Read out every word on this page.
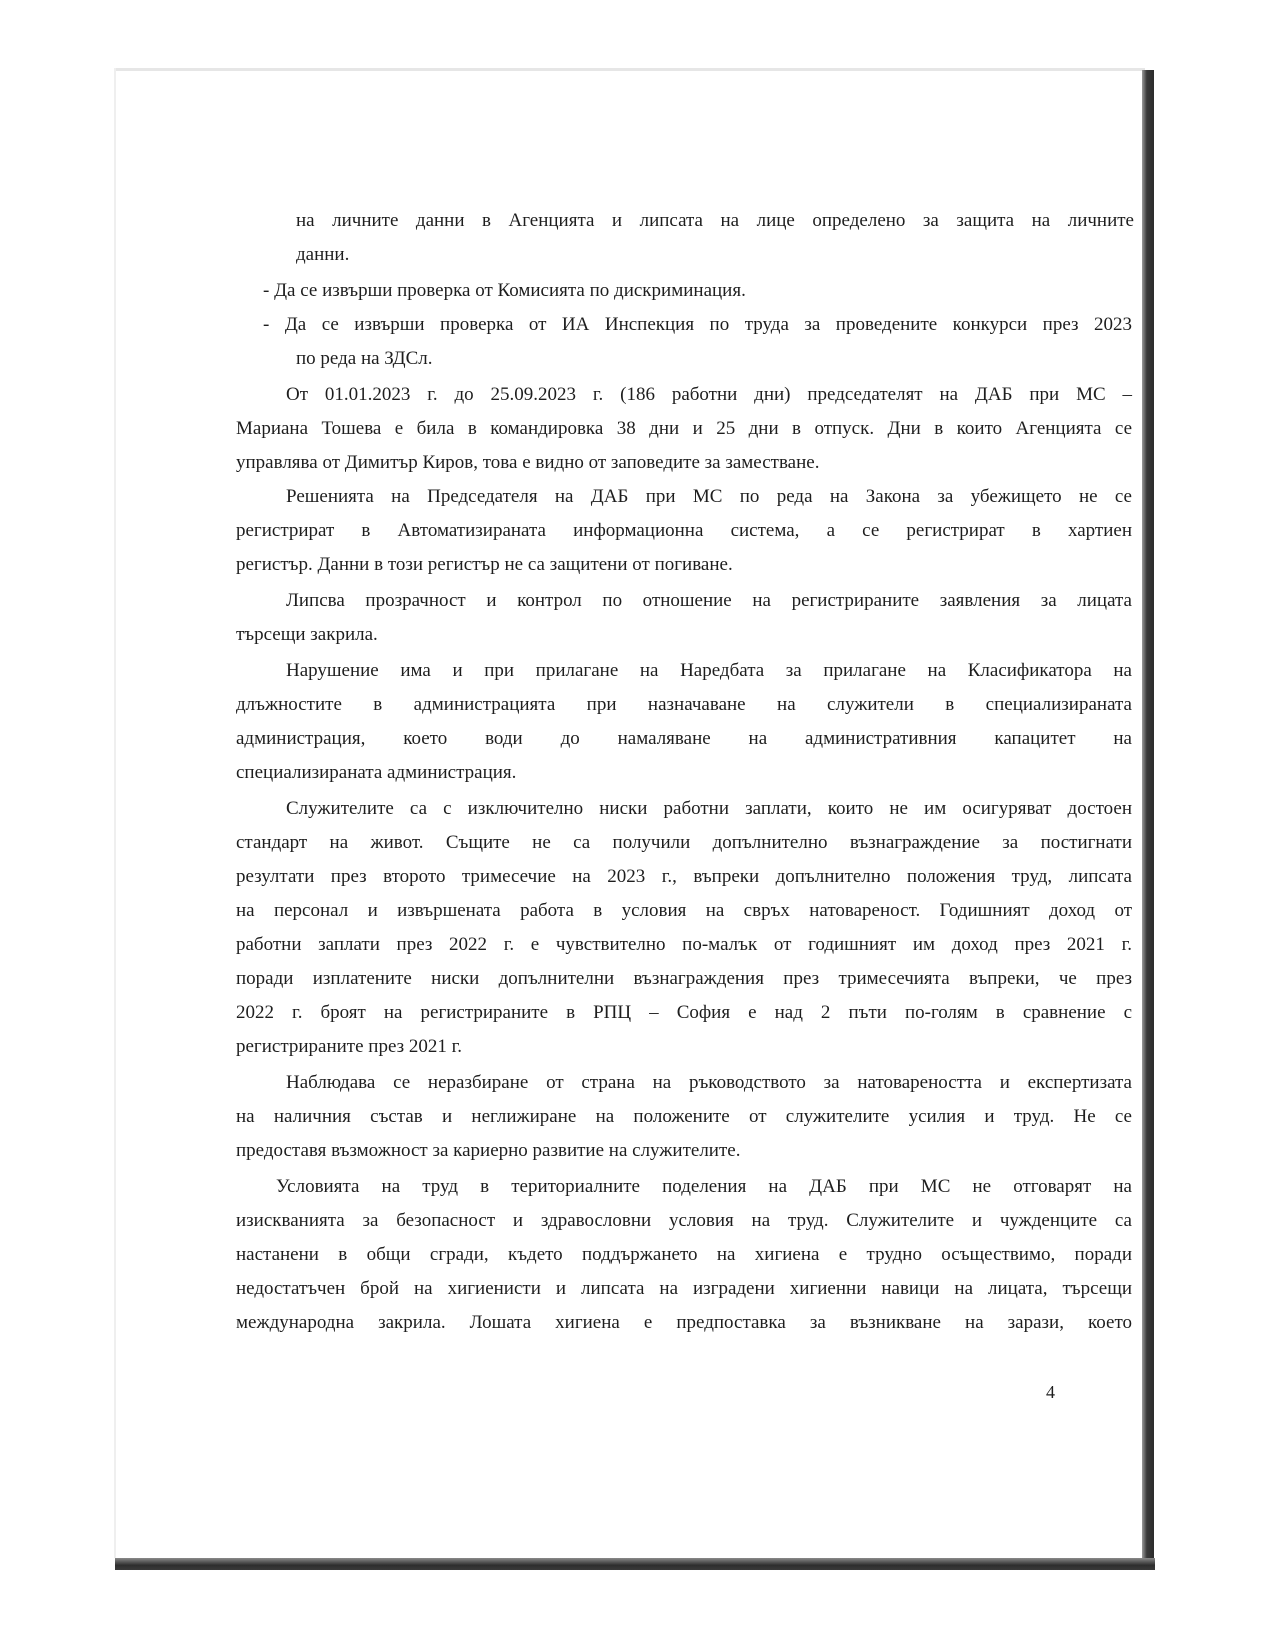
на личните данни в Агенцията и липсата на лице определено за защита на личните
данни.
- Да се извърши проверка от Комисията по дискриминация.
- Да се извърши проверка от ИА Инспекция по труда за проведените конкурси през 2023
по реда на ЗДСл.
От 01.01.2023 г. до 25.09.2023 г. (186 работни дни) председателят на ДАБ при МС –
Мариана Тошева е била в командировка 38 дни и 25 дни в отпуск. Дни в които Агенцията се
управлява от Димитър Киров, това е видно от заповедите за заместване.
Решенията на Председателя на ДАБ при МС по реда на Закона за убежището не се
регистрират в Автоматизираната информационна система, а се регистрират в хартиен
регистър. Данни в този регистър не са защитени от погиване.
Липсва прозрачност и контрол по отношение на регистрираните заявления за лицата
търсещи закрила.
Нарушение има и при прилагане на Наредбата за прилагане на Класификатора на
длъжностите в администрацията при назначаване на служители в специализираната
администрация, което води до намаляване на административния капацитет на
специализираната администрация.
Служителите са с изключително ниски работни заплати, които не им осигуряват достоен
стандарт на живот. Същите не са получили допълнително възнаграждение за постигнати
резултати през второто тримесечие на 2023 г., въпреки допълнително положения труд, липсата
на персонал и извършената работа в условия на свръх натовареност. Годишният доход от
работни заплати през 2022 г. е чувствително по-малък от годишният им доход през 2021 г.
поради изплатените ниски допълнителни възнаграждения през тримесечията въпреки, че през
2022 г. броят на регистрираните в РПЦ – София е над 2 пъти по-голям в сравнение с
регистрираните през 2021 г.
Наблюдава се неразбиране от страна на ръководството за натовареността и експертизата
на наличния състав и неглижиране на положените от служителите усилия и труд. Не се
предоставя възможност за кариерно развитие на служителите.
Условията на труд в териториалните поделения на ДАБ при МС не отговарят на
изискванията за безопасност и здравословни условия на труд. Служителите и чужденците са
настанени в общи сгради, където поддържането на хигиена е трудно осъществимо, поради
недостатъчен брой на хигиенисти и липсата на изградени хигиенни навици на лицата, търсещи
международна закрила. Лошата хигиена е предпоставка за възникване на зарази, което
4
